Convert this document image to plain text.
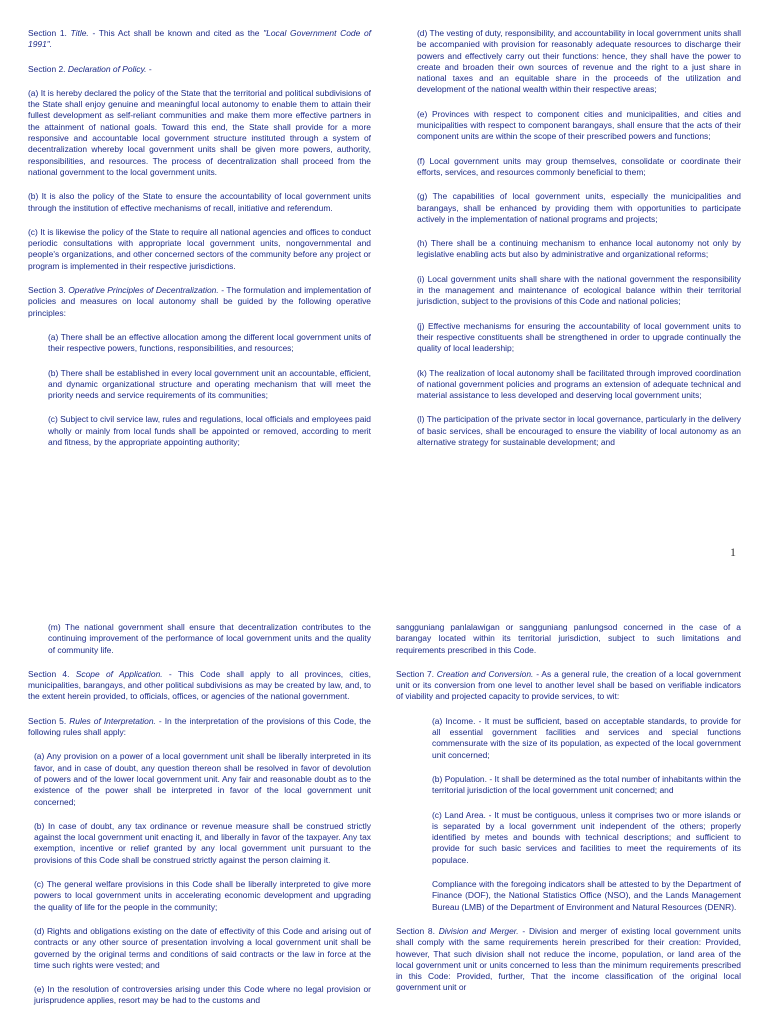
Section 1. Title. - This Act shall be known and cited as the "Local Government Code of 1991".

Section 2. Declaration of Policy. -

(a) It is hereby declared the policy of the State that the territorial and political subdivisions of the State shall enjoy genuine and meaningful local autonomy to enable them to attain their fullest development as self-reliant communities and make them more effective partners in the attainment of national goals. Toward this end, the State shall provide for a more responsive and accountable local government structure instituted through a system of decentralization whereby local government units shall be given more powers, authority, responsibilities, and resources. The process of decentralization shall proceed from the national government to the local government units.

(b) It is also the policy of the State to ensure the accountability of local government units through the institution of effective mechanisms of recall, initiative and referendum.

(c) It is likewise the policy of the State to require all national agencies and offices to conduct periodic consultations with appropriate local government units, nongovernmental and people's organizations, and other concerned sectors of the community before any project or program is implemented in their respective jurisdictions.

Section 3. Operative Principles of Decentralization. - The formulation and implementation of policies and measures on local autonomy shall be guided by the following operative principles:

(a) There shall be an effective allocation among the different local government units of their respective powers, functions, responsibilities, and resources;

(b) There shall be established in every local government unit an accountable, efficient, and dynamic organizational structure and operating mechanism that will meet the priority needs and service requirements of its communities;

(c) Subject to civil service law, rules and regulations, local officials and employees paid wholly or mainly from local funds shall be appointed or removed, according to merit and fitness, by the appropriate appointing authority;

(d) The vesting of duty, responsibility, and accountability in local government units shall be accompanied with provision for reasonably adequate resources to discharge their powers and effectively carry out their functions: hence, they shall have the power to create and broaden their own sources of revenue and the right to a just share in national taxes and an equitable share in the proceeds of the utilization and development of the national wealth within their respective areas;

(e) Provinces with respect to component cities and municipalities, and cities and municipalities with respect to component barangays, shall ensure that the acts of their component units are within the scope of their prescribed powers and functions;

(f) Local government units may group themselves, consolidate or coordinate their efforts, services, and resources commonly beneficial to them;

(g) The capabilities of local government units, especially the municipalities and barangays, shall be enhanced by providing them with opportunities to participate actively in the implementation of national programs and projects;

(h) There shall be a continuing mechanism to enhance local autonomy not only by legislative enabling acts but also by administrative and organizational reforms;

(i) Local government units shall share with the national government the responsibility in the management and maintenance of ecological balance within their territorial jurisdiction, subject to the provisions of this Code and national policies;

(j) Effective mechanisms for ensuring the accountability of local government units to their respective constituents shall be strengthened in order to upgrade continually the quality of local leadership;

(k) The realization of local autonomy shall be facilitated through improved coordination of national government policies and programs an extension of adequate technical and material assistance to less developed and deserving local government units;

(l) The participation of the private sector in local governance, particularly in the delivery of basic services, shall be encouraged to ensure the viability of local autonomy as an alternative strategy for sustainable development; and

1

(m) The national government shall ensure that decentralization contributes to the continuing improvement of the performance of local government units and the quality of community life.

Section 4. Scope of Application. - This Code shall apply to all provinces, cities, municipalities, barangays, and other political subdivisions as may be created by law, and, to the extent herein provided, to officials, offices, or agencies of the national government.

Section 5. Rules of Interpretation. - In the interpretation of the provisions of this Code, the following rules shall apply:

(a) Any provision on a power of a local government unit shall be liberally interpreted in its favor, and in case of doubt, any question thereon shall be resolved in favor of devolution of powers and of the lower local government unit. Any fair and reasonable doubt as to the existence of the power shall be interpreted in favor of the local government unit concerned;

(b) In case of doubt, any tax ordinance or revenue measure shall be construed strictly against the local government unit enacting it, and liberally in favor of the taxpayer. Any tax exemption, incentive or relief granted by any local government unit pursuant to the provisions of this Code shall be construed strictly against the person claiming it.

(c) The general welfare provisions in this Code shall be liberally interpreted to give more powers to local government units in accelerating economic development and upgrading the quality of life for the people in the community;

(d) Rights and obligations existing on the date of effectivity of this Code and arising out of contracts or any other source of presentation involving a local government unit shall be governed by the original terms and conditions of said contracts or the law in force at the time such rights were vested; and

(e) In the resolution of controversies arising under this Code where no legal provision or jurisprudence applies, resort may be had to the customs and

sangguniang panlalawigan or sangguniang panlungsod concerned in the case of a barangay located within its territorial jurisdiction, subject to such limitations and requirements prescribed in this Code.

Section 7. Creation and Conversion. - As a general rule, the creation of a local government unit or its conversion from one level to another level shall be based on verifiable indicators of viability and projected capacity to provide services, to wit:

(a) Income. - It must be sufficient, based on acceptable standards, to provide for all essential government facilities and services and special functions commensurate with the size of its population, as expected of the local government unit concerned;

(b) Population. - It shall be determined as the total number of inhabitants within the territorial jurisdiction of the local government unit concerned; and

(c) Land Area. - It must be contiguous, unless it comprises two or more islands or is separated by a local government unit independent of the others; properly identified by metes and bounds with technical descriptions; and sufficient to provide for such basic services and facilities to meet the requirements of its populace.

Compliance with the foregoing indicators shall be attested to by the Department of Finance (DOF), the National Statistics Office (NSO), and the Lands Management Bureau (LMB) of the Department of Environment and Natural Resources (DENR).

Section 8. Division and Merger. - Division and merger of existing local government units shall comply with the same requirements herein prescribed for their creation: Provided, however, That such division shall not reduce the income, population, or land area of the local government unit or units concerned to less than the minimum requirements prescribed in this Code: Provided, further, That the income classification of the original local government unit or
